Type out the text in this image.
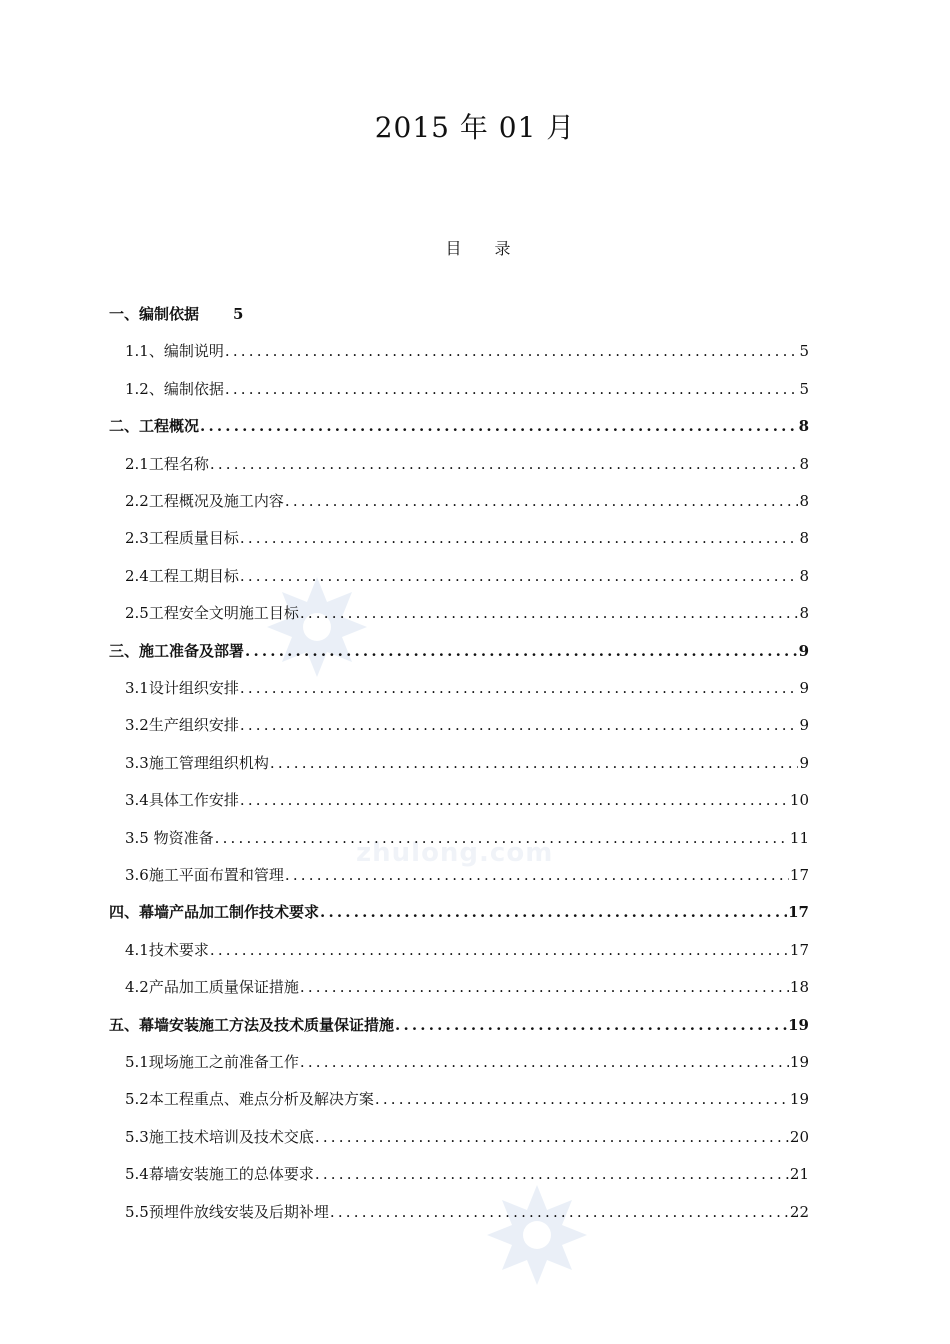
zhulong.com
2015 年 01 月
目 录
一、编制依据 5
1.1、编制说明 .....	5
1.2、编制依据 .....	5
二、工程概况 .....	8
2.1工程名称 .....	8
2.2工程概况及施工内容 .....	8
2.3工程质量目标 .....	8
2.4工程工期目标 .....	8
2.5工程安全文明施工目标 .....	8
三、施工准备及部署 .....	9
3.1设计组织安排 .....	9
3.2生产组织安排 .....	9
3.3施工管理组织机构 .....	9
3.4具体工作安排 .....	10
3.5 物资准备 .....	11
3.6施工平面布置和管理 .....	17
四、幕墙产品加工制作技术要求 .....	17
4.1技术要求 .....	17
4.2产品加工质量保证措施 .....	18
五、幕墙安装施工方法及技术质量保证措施 .....	19
5.1现场施工之前准备工作 .....	19
5.2本工程重点、难点分析及解决方案 .....	19
5.3施工技术培训及技术交底 .....	20
5.4幕墙安装施工的总体要求 .....	21
5.5预埋件放线安装及后期补埋 .....	22
